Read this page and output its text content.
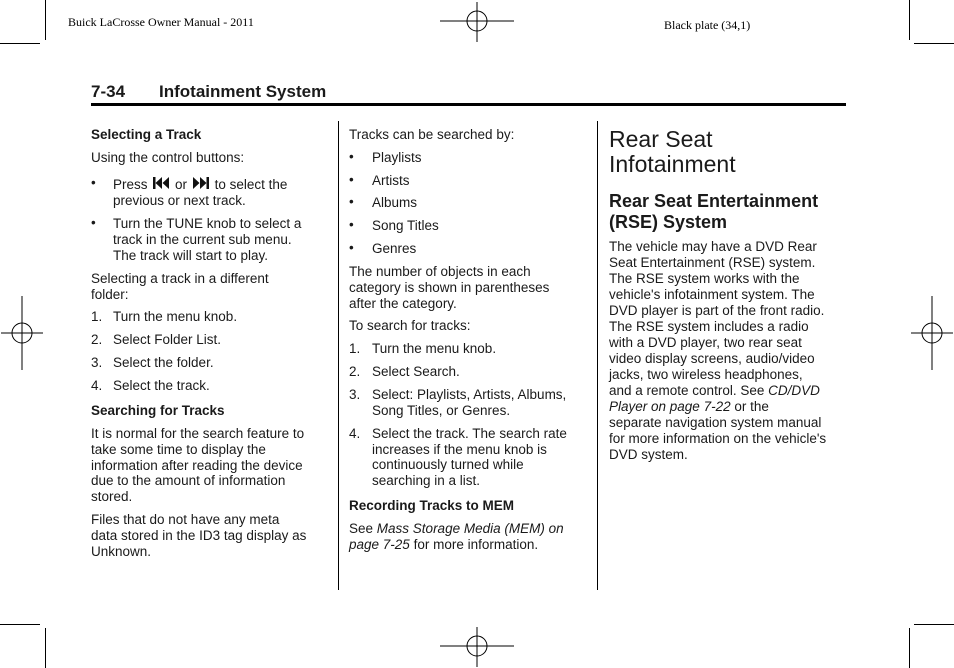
Buick LaCrosse Owner Manual - 2011	Black plate (34,1)
7-34 Infotainment System
Selecting a Track
Using the control buttons:
•	Press or to select the
previous or next track.
•	Turn the TUNE knob to select a
track in the current sub menu.
The track will start to play.
Selecting a track in a different
folder:
1. Turn the menu knob.
2. Select Folder List.
3. Select the folder.
4. Select the track.
Searching for Tracks
It is normal for the search feature to
take some time to display the
information after reading the device
due to the amount of information
stored.
Files that do not have any meta
data stored in the ID3 tag display as
Unknown.
Tracks can be searched by:
•	Playlists
•	Artists
•	Albums
•	Song Titles
•	Genres
The number of objects in each
category is shown in parentheses
after the category.
To search for tracks:
1. Turn the menu knob.
2. Select Search.
3. Select: Playlists, Artists, Albums,
Song Titles, or Genres.
4. Select the track. The search rate
increases if the menu knob is
continuously turned while
searching in a list.
Recording Tracks to MEM
See Mass Storage Media (MEM) on
page 7-25 for more information.
Rear Seat
Infotainment
Rear Seat Entertainment
(RSE) System
The vehicle may have a DVD Rear
Seat Entertainment (RSE) system.
The RSE system works with the
vehicle's infotainment system. The
DVD player is part of the front radio.
The RSE system includes a radio
with a DVD player, two rear seat
video display screens, audio/video
jacks, two wireless headphones,
and a remote control. See CD/DVD
Player on page 7-22 or the
separate navigation system manual
for more information on the vehicle's
DVD system.
